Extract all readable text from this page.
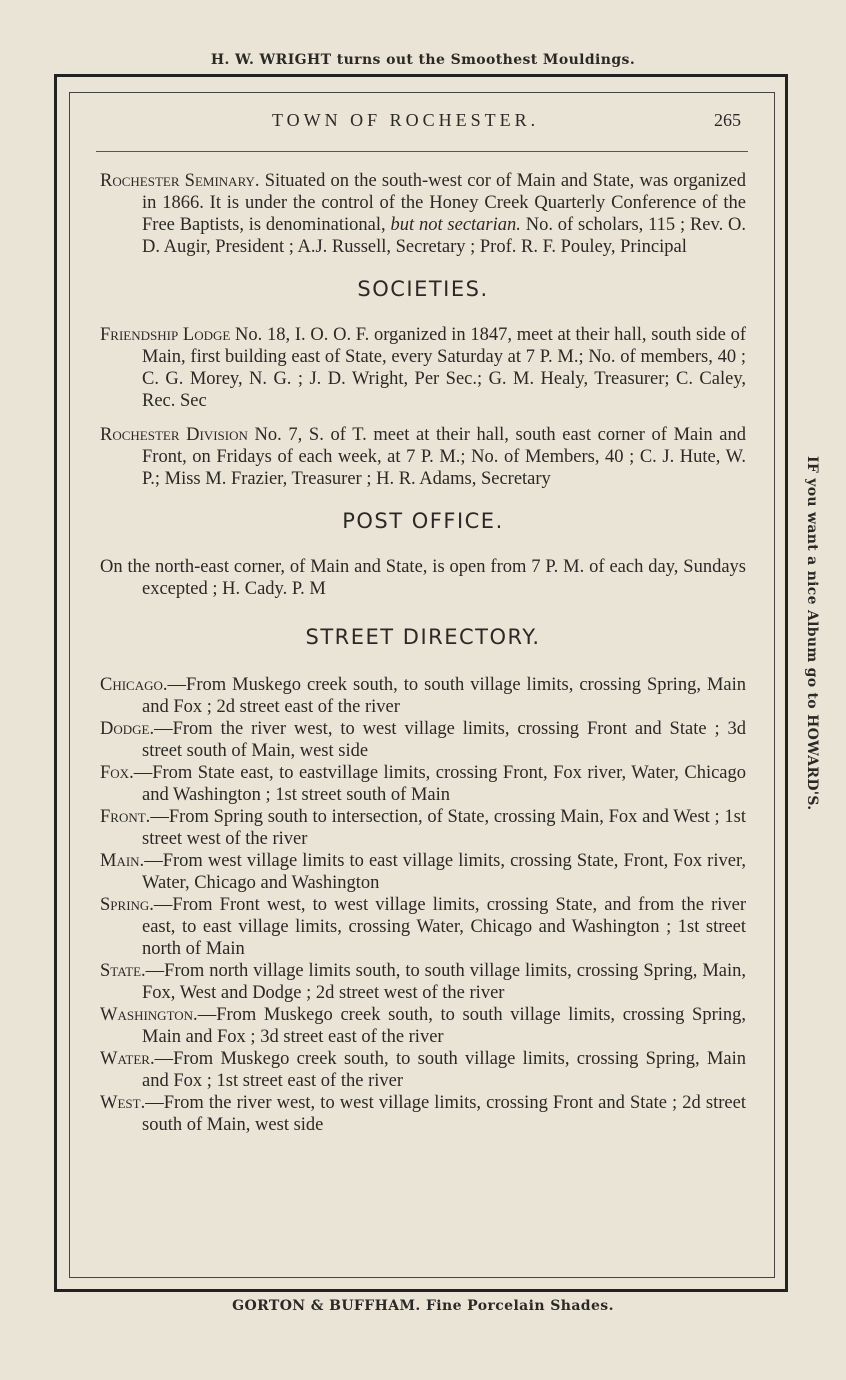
H. W. WRIGHT turns out the Smoothest Mouldings.
IF you want a nice Album go to HOWARD'S.
TOWN OF ROCHESTER.	265

Rochester Seminary. Situated on the south-west cor of Main and State, was organized in 1866. It is under the control of the Honey Creek Quarterly Conference of the Free Baptists, is denominational, but not sectarian. No. of scholars, 115 ; Rev. O. D. Augir, President ; A.J. Russell, Secretary ; Prof. R. F. Pouley, Principal

SOCIETIES.

Friendship Lodge No. 18, I. O. O. F. organized in 1847, meet at their hall, south side of Main, first building east of State, every Saturday at 7 P. M.; No. of members, 40 ; C. G. Morey, N. G. ; J. D. Wright, Per Sec.; G. M. Healy, Treasurer; C. Caley, Rec. Sec

Rochester Division No. 7, S. of T. meet at their hall, south east corner of Main and Front, on Fridays of each week, at 7 P. M.; No. of Members, 40 ; C. J. Hute, W. P.; Miss M. Frazier, Treasurer ; H. R. Adams, Secretary

POST OFFICE.

On the north-east corner, of Main and State, is open from 7 P. M. of each day, Sundays excepted ; H. Cady. P. M

STREET DIRECTORY.

Chicago.—From Muskego creek south, to south village limits, crossing Spring, Main and Fox ; 2d street east of the river

Dodge.—From the river west, to west village limits, crossing Front and State ; 3d street south of Main, west side

Fox.—From State east, to eastvillage limits, crossing Front, Fox river, Water, Chicago and Washington ; 1st street south of Main

Front.—From Spring south to intersection, of State, crossing Main, Fox and West ; 1st street west of the river

Main.—From west village limits to east village limits, crossing State, Front, Fox river, Water, Chicago and Washington

Spring.—From Front west, to west village limits, crossing State, and from the river east, to east village limits, crossing Water, Chicago and Washington ; 1st street north of Main

State.—From north village limits south, to south village limits, crossing Spring, Main, Fox, West and Dodge ; 2d street west of the river

Washington.—From Muskego creek south, to south village limits, crossing Spring, Main and Fox ; 3d street east of the river

Water.—From Muskego creek south, to south village limits, crossing Spring, Main and Fox ; 1st street east of the river

West.—From the river west, to west village limits, crossing Front and State ; 2d street south of Main, west side

GORTON & BUFFHAM. Fine Porcelain Shades.
